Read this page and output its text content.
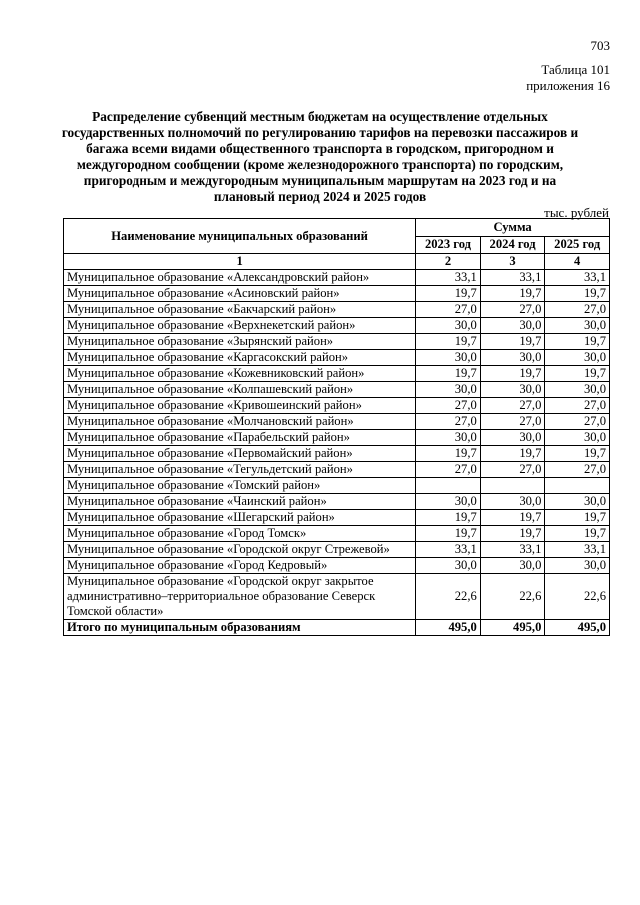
703
Таблица 101
приложения 16
Распределение субвенций местным бюджетам на осуществление отдельных государственных полномочий по регулированию тарифов на перевозки пассажиров и багажа всеми видами общественного транспорта в городском, пригородном и междугородном сообщении (кроме железнодорожного транспорта) по городским, пригородным и междугородным муниципальным маршрутам на 2023 год и на плановый период 2024 и 2025 годов
тыс. рублей
Наименование муниципальных образований	Сумма		
	2023 год	2024 год	2025 год
1	2	3	4
Муниципальное образование «Александровский район»	33,1	33,1	33,1
Муниципальное образование «Асиновский район»	19,7	19,7	19,7
Муниципальное образование «Бакчарский район»	27,0	27,0	27,0
Муниципальное образование «Верхнекетский район»	30,0	30,0	30,0
Муниципальное образование «Зырянский район»	19,7	19,7	19,7
Муниципальное образование «Каргасокский район»	30,0	30,0	30,0
Муниципальное образование «Кожевниковский район»	19,7	19,7	19,7
Муниципальное образование «Колпашевский район»	30,0	30,0	30,0
Муниципальное образование «Кривошеинский район»	27,0	27,0	27,0
Муниципальное образование «Молчановский район»	27,0	27,0	27,0
Муниципальное образование «Парабельский район»	30,0	30,0	30,0
Муниципальное образование «Первомайский район»	19,7	19,7	19,7
Муниципальное образование «Тегульдетский район»	27,0	27,0	27,0
Муниципальное образование «Томский район»			
Муниципальное образование «Чаинский район»	30,0	30,0	30,0
Муниципальное образование «Шегарский район»	19,7	19,7	19,7
Муниципальное образование «Город Томск»	19,7	19,7	19,7
Муниципальное образование «Городской округ Стрежевой»	33,1	33,1	33,1
Муниципальное образование «Город Кедровый»	30,0	30,0	30,0
Муниципальное образование «Городской округ закрытое административно–территориальное образование Северск Томской области»	22,6	22,6	22,6
Итого по муниципальным образованиям	495,0	495,0	495,0
